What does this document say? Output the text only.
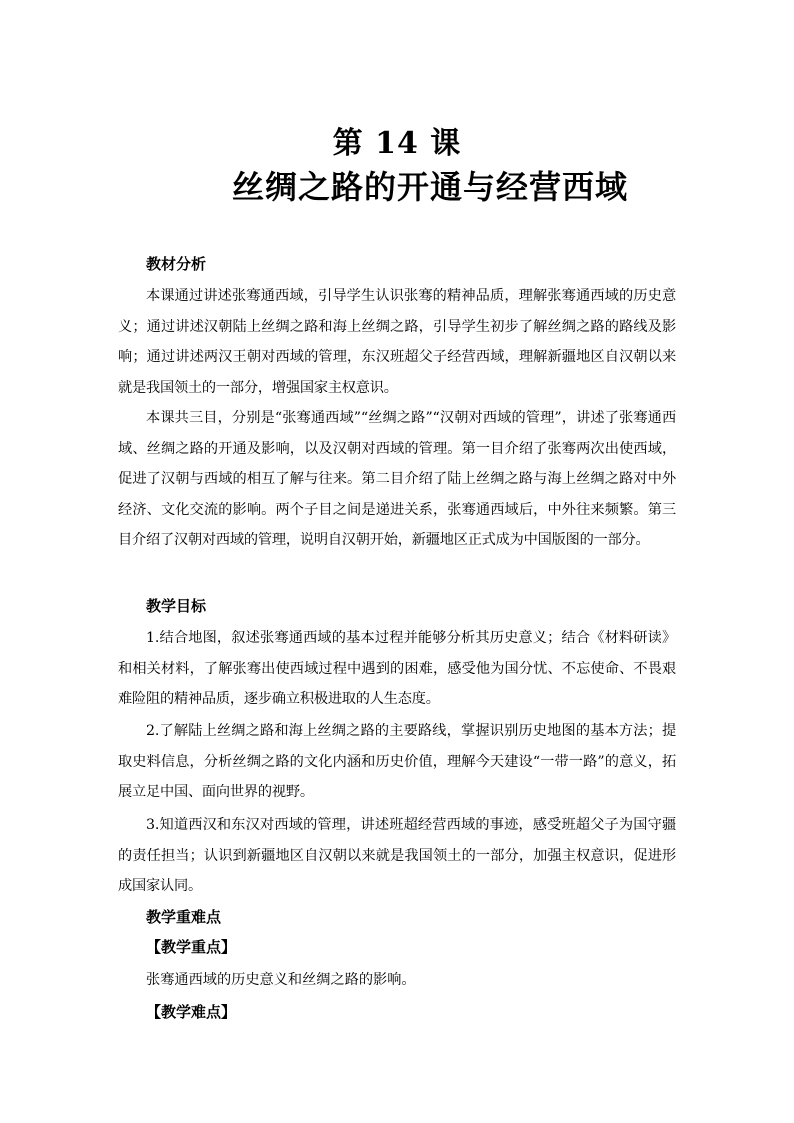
第 14 课
丝绸之路的开通与经营西域
教材分析
本课通过讲述张骞通西域，引导学生认识张骞的精神品质，理解张骞通西域的历史意义；通过讲述汉朝陆上丝绸之路和海上丝绸之路，引导学生初步了解丝绸之路的路线及影响；通过讲述两汉王朝对西域的管理，东汉班超父子经营西域，理解新疆地区自汉朝以来就是我国领土的一部分，增强国家主权意识。
本课共三目，分别是“张骞通西域”“丝绸之路”“汉朝对西域的管理”，讲述了张骞通西域、丝绸之路的开通及影响，以及汉朝对西域的管理。第一目介绍了张骞两次出使西域，促进了汉朝与西域的相互了解与往来。第二目介绍了陆上丝绸之路与海上丝绸之路对中外经济、文化交流的影响。两个子目之间是递进关系，张骞通西域后，中外往来频繁。第三目介绍了汉朝对西域的管理，说明自汉朝开始，新疆地区正式成为中国版图的一部分。
教学目标
1.结合地图，叙述张骞通西域的基本过程并能够分析其历史意义；结合《材料研读》和相关材料，了解张骞出使西域过程中遇到的困难，感受他为国分忧、不忘使命、不畏艰难险阻的精神品质，逐步确立积极进取的人生态度。
2.了解陆上丝绸之路和海上丝绸之路的主要路线，掌握识别历史地图的基本方法；提取史料信息，分析丝绸之路的文化内涵和历史价值，理解今天建设“一带一路”的意义，拓展立足中国、面向世界的视野。
3.知道西汉和东汉对西域的管理，讲述班超经营西域的事迹，感受班超父子为国守疆的责任担当；认识到新疆地区自汉朝以来就是我国领土的一部分，加强主权意识，促进形成国家认同。
教学重难点
【教学重点】
张骞通西域的历史意义和丝绸之路的影响。
【教学难点】
